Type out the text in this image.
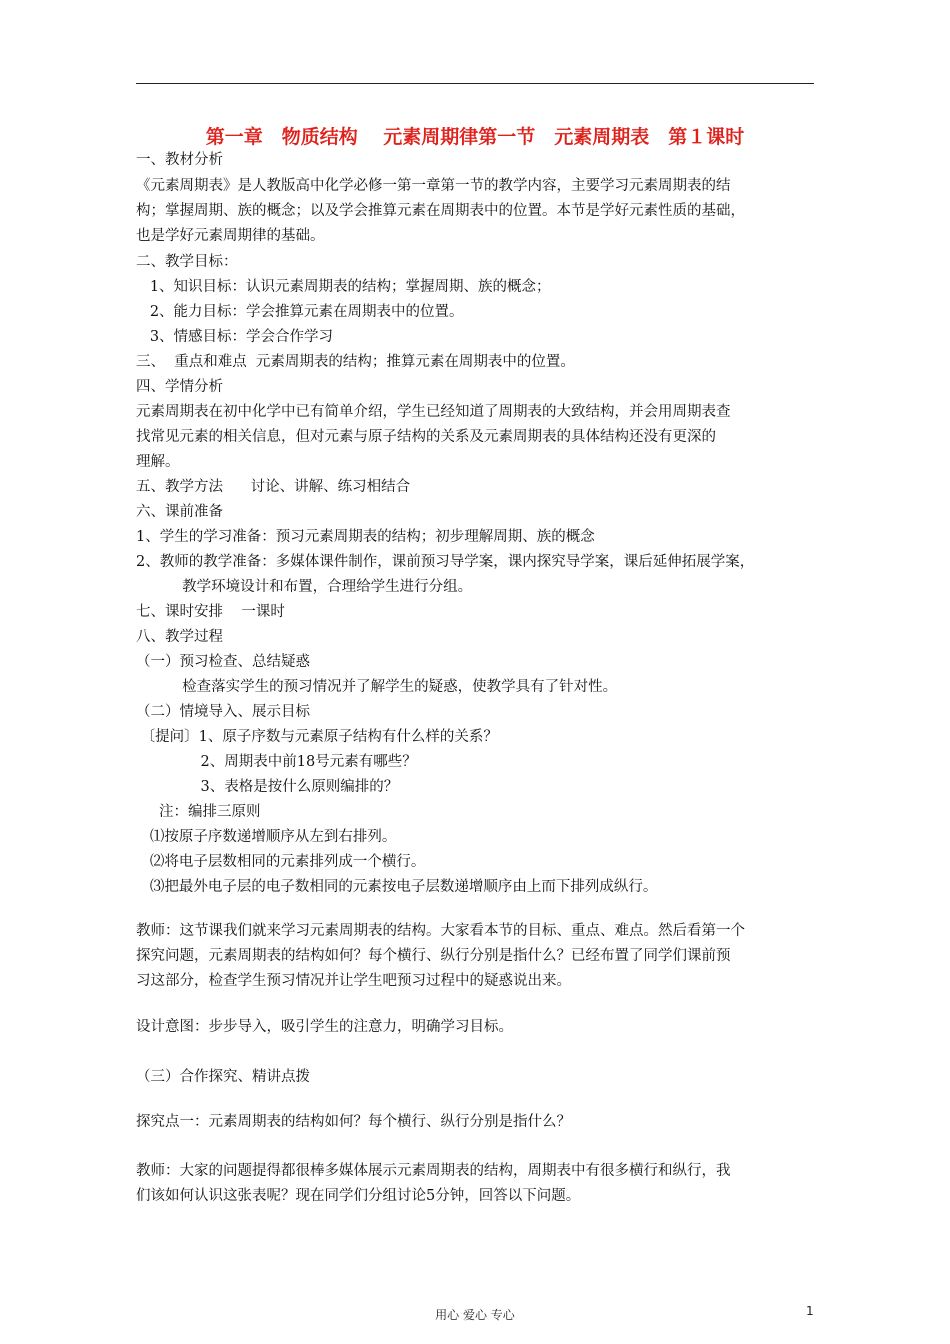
第一章　物质结构　 元素周期律第一节　元素周期表　第１课时
一、教材分析
《元素周期表》是人教版高中化学必修一第一章第一节的教学内容，主要学习元素周期表的结
构；掌握周期、族的概念；以及学会推算元素在周期表中的位置。本节是学好元素性质的基础，
也是学好元素周期律的基础。
二、教学目标：
1、知识目标：认识元素周期表的结构；掌握周期、族的概念；
2、能力目标：学会推算元素在周期表中的位置。
3、情感目标：学会合作学习
三、  重点和难点  元素周期表的结构；推算元素在周期表中的位置。
四、学情分析
元素周期表在初中化学中已有简单介绍，学生已经知道了周期表的大致结构，并会用周期表查
找常见元素的相关信息，但对元素与原子结构的关系及元素周期表的具体结构还没有更深的
理解。
五、教学方法      讨论、讲解、练习相结合
六、课前准备
1、学生的学习准备：预习元素周期表的结构；初步理解周期、族的概念
2、教师的教学准备：多媒体课件制作，课前预习导学案，课内探究导学案，课后延伸拓展学案，
教学环境设计和布置，合理给学生进行分组。
七、课时安排    一课时
八、教学过程
（一）预习检查、总结疑惑
检查落实学生的预习情况并了解学生的疑惑，使教学具有了针对性。
（二）情境导入、展示目标
〔提问〕1、原子序数与元素原子结构有什么样的关系？
2、周期表中前18号元素有哪些？
3、表格是按什么原则编排的？
注：编排三原则
⑴按原子序数递增顺序从左到右排列。
⑵将电子层数相同的元素排列成一个横行。
⑶把最外电子层的电子数相同的元素按电子层数递增顺序由上而下排列成纵行。
教师：这节课我们就来学习元素周期表的结构。大家看本节的目标、重点、难点。然后看第一个
探究问题，元素周期表的结构如何？每个横行、纵行分别是指什么？已经布置了同学们课前预
习这部分，检查学生预习情况并让学生吧预习过程中的疑惑说出来。
设计意图：步步导入，吸引学生的注意力，明确学习目标。
（三）合作探究、精讲点拨
探究点一：元素周期表的结构如何？每个横行、纵行分别是指什么？
教师：大家的问题提得都很棒多媒体展示元素周期表的结构，周期表中有很多横行和纵行，我
们该如何认识这张表呢？现在同学们分组讨论5分钟，回答以下问题。
用心 爱心 专心	1
